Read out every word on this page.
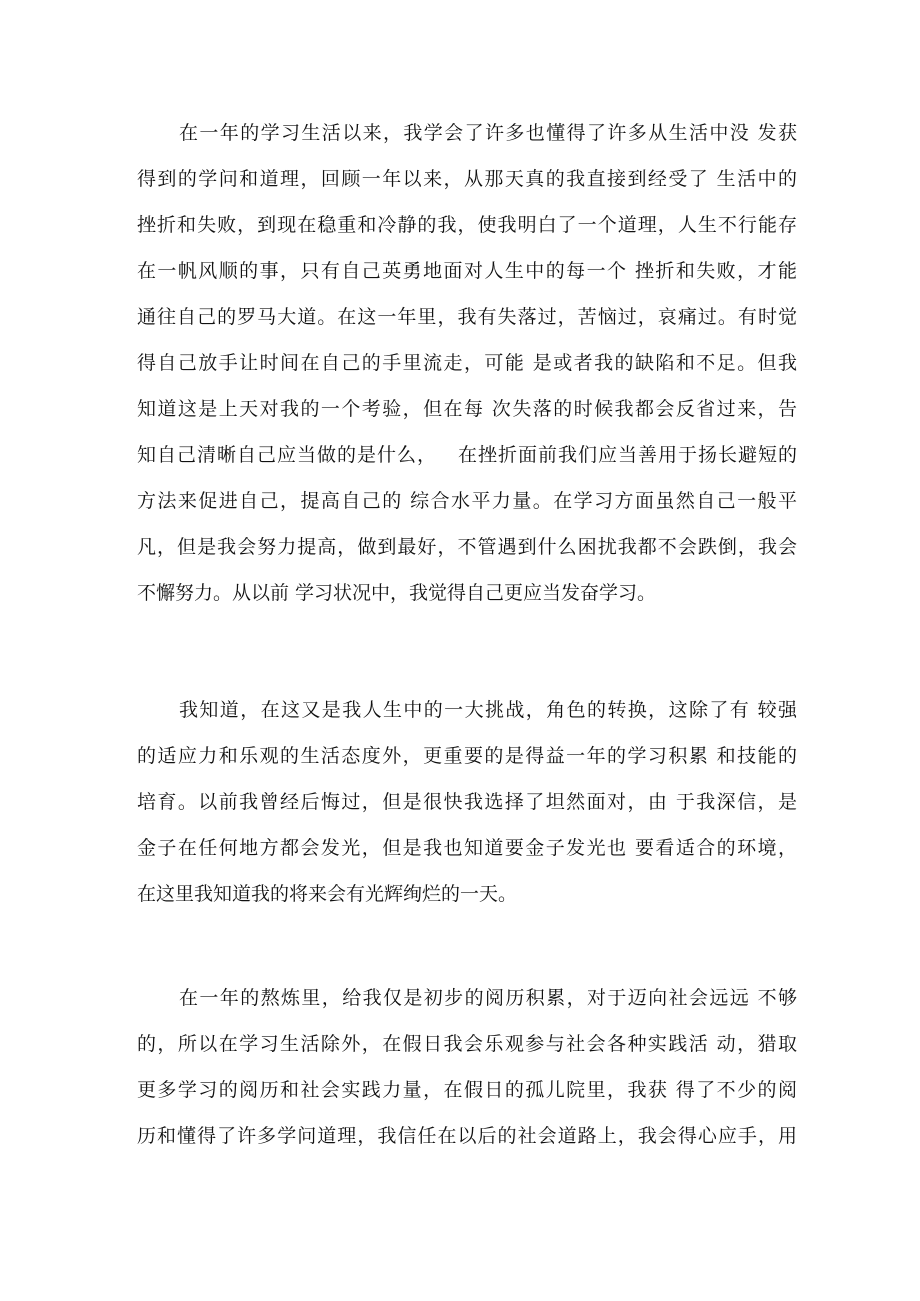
在一年的学习生活以来，我学会了许多也懂得了许多从生活中没 发获
得到的学问和道理，回顾一年以来，从那天真的我直接到经受了 生活中的
挫折和失败，到现在稳重和冷静的我，使我明白了一个道理，人生不行能存
在一帆风顺的事，只有自己英勇地面对人生中的每一个 挫折和失败，才能
通往自己的罗马大道。在这一年里，我有失落过，苦恼过，哀痛过。有时觉
得自己放手让时间在自己的手里流走，可能 是或者我的缺陷和不足。但我
知道这是上天对我的一个考验，但在每 次失落的时候我都会反省过来，告
知自己清晰自己应当做的是什么，   在挫折面前我们应当善用于扬长避短的
方法来促进自己，提高自己的 综合水平力量。在学习方面虽然自己一般平
凡，但是我会努力提高，做到最好，不管遇到什么困扰我都不会跌倒，我会
不懈努力。从以前 学习状况中，我觉得自己更应当发奋学习。
我知道，在这又是我人生中的一大挑战，角色的转换，这除了有 较强
的适应力和乐观的生活态度外，更重要的是得益一年的学习积累 和技能的
培育。以前我曾经后悔过，但是很快我选择了坦然面对，由 于我深信，是
金子在任何地方都会发光，但是我也知道要金子发光也 要看适合的环境，
在这里我知道我的将来会有光辉绚烂的一天。
在一年的熬炼里，给我仅是初步的阅历积累，对于迈向社会远远 不够
的，所以在学习生活除外，在假日我会乐观参与社会各种实践活 动，猎取
更多学习的阅历和社会实践力量，在假日的孤儿院里，我获 得了不少的阅
历和懂得了许多学问道理，我信任在以后的社会道路上，我会得心应手，用
